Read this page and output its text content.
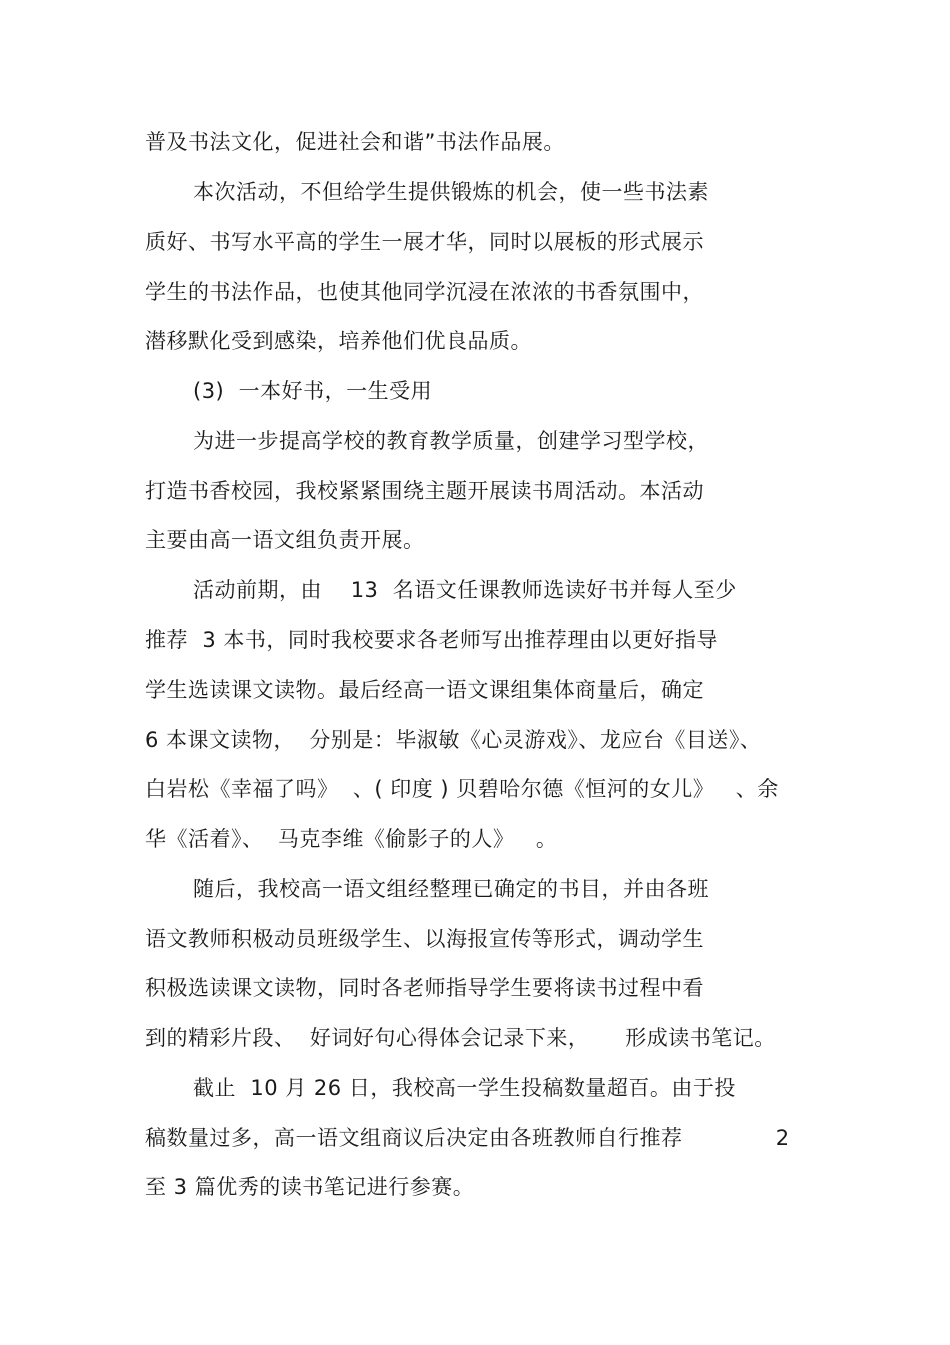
普及书法文化，促进社会和谐”书法作品展。
本次活动，不但给学生提供锻炼的机会，使一些书法素
质好、书写水平高的学生一展才华，同时以展板的形式展示
学生的书法作品，也使其他同学沉浸在浓浓的书香氛围中，
潜移默化受到感染，培养他们优良品质。
(3)  一本好书，一生受用
为进一步提高学校的教育教学质量，创建学习型学校，
打造书香校园，我校紧紧围绕主题开展读书周活动。本活动
主要由高一语文组负责开展。
活动前期，由    13  名语文任课教师选读好书并每人至少
推荐  3 本书，同时我校要求各老师写出推荐理由以更好指导
学生选读课文读物。最后经高一语文课组集体商量后，确定
6 本课文读物，  分别是：毕淑敏《心灵游戏》、龙应台《目送》、
白岩松《幸福了吗》  、( 印度 ) 贝碧哈尔德《恒河的女儿》   、余
华《活着》、  马克李维《偷影子的人》   。
随后，我校高一语文组经整理已确定的书目，并由各班
语文教师积极动员班级学生、以海报宣传等形式，调动学生
积极选读课文读物，同时各老师指导学生要将读书过程中看
到的精彩片段、  好词好句心得体会记录下来，     形成读书笔记。
截止  10 月 26 日，我校高一学生投稿数量超百。由于投
稿数量过多，高一语文组商议后决定由各班教师自行推荐             2
至 3 篇优秀的读书笔记进行参赛。
